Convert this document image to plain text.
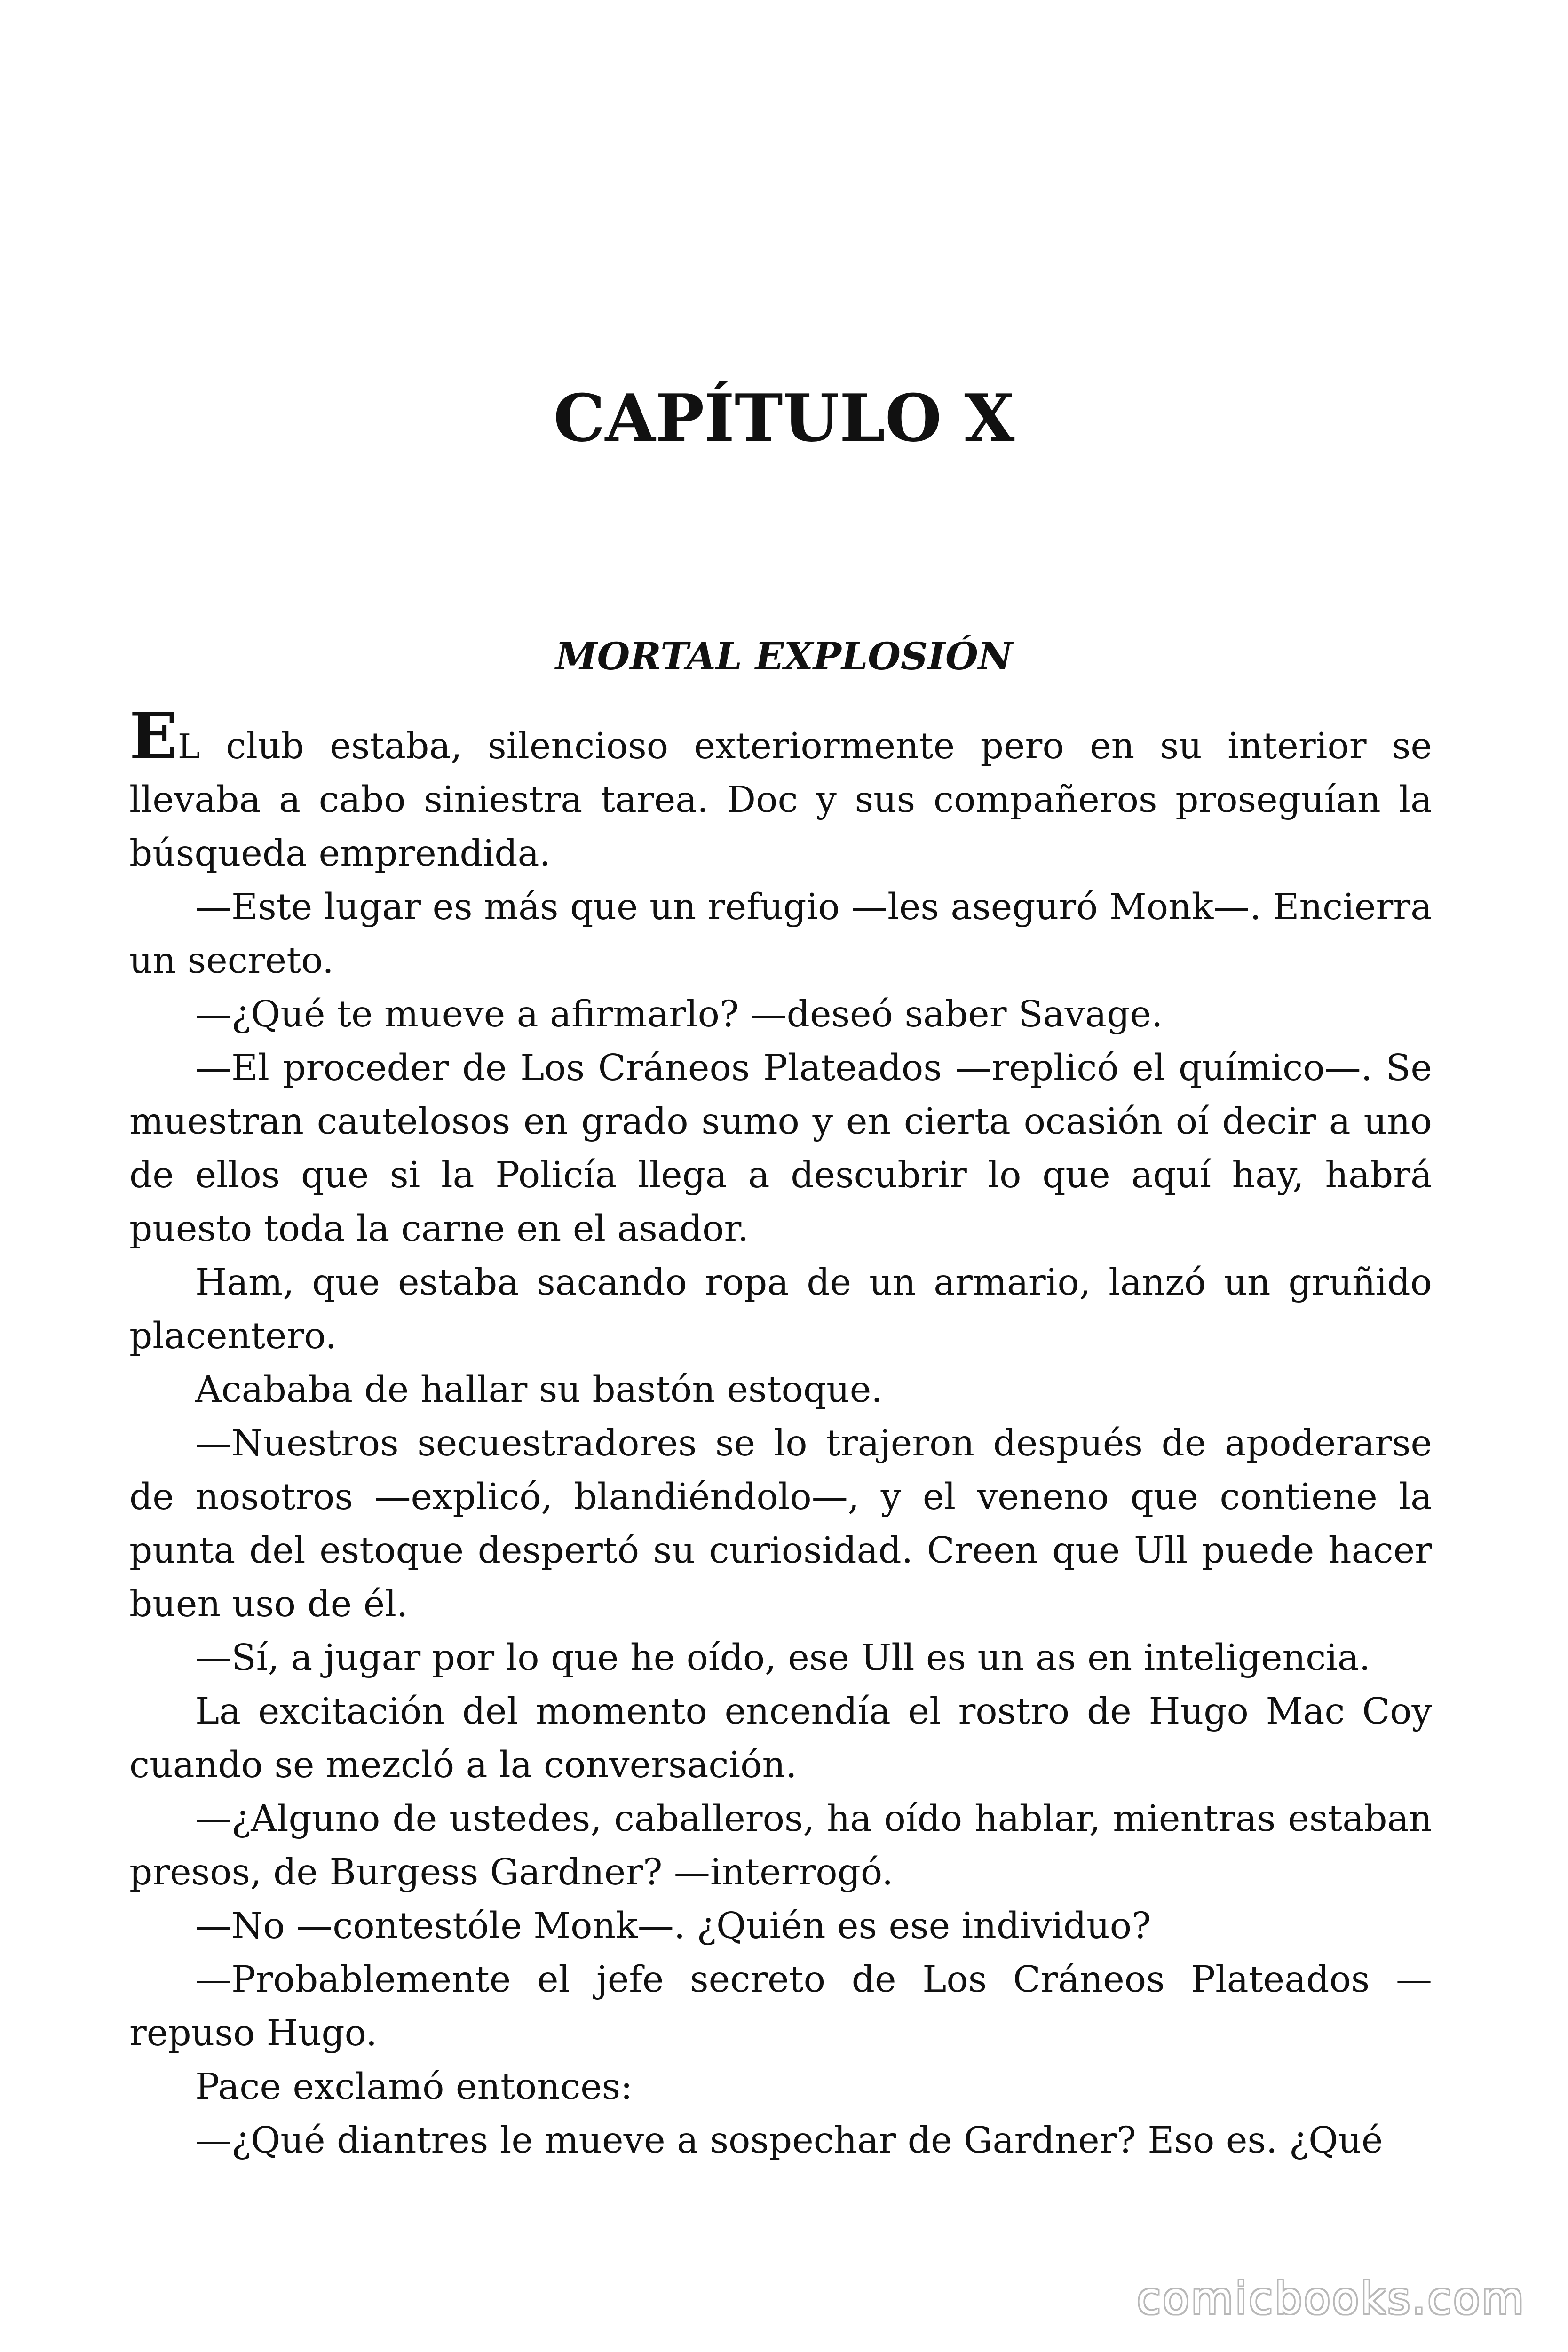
CAPÍTULO X
MORTAL EXPLOSIÓN

EL club estaba, silencioso exteriormente pero en su interior se llevaba a cabo siniestra tarea. Doc y sus compañeros proseguían la búsqueda emprendida.

—Este lugar es más que un refugio —les aseguró Monk—. Encierra un secreto.

—¿Qué te mueve a afirmarlo? —deseó saber Savage.

—El proceder de Los Cráneos Plateados —replicó el químico—. Se muestran cautelosos en grado sumo y en cierta ocasión oí decir a uno de ellos que si la Policía llega a descubrir lo que aquí hay, habrá puesto toda la carne en el asador.

Ham, que estaba sacando ropa de un armario, lanzó un gruñido placentero.

Acababa de hallar su bastón estoque.

—Nuestros secuestradores se lo trajeron después de apoderarse de nosotros —explicó, blandiéndolo—, y el veneno que contiene la punta del estoque despertó su curiosidad. Creen que Ull puede hacer buen uso de él.

—Sí, a jugar por lo que he oído, ese Ull es un as en inteligencia.

La excitación del momento encendía el rostro de Hugo Mac Coy cuando se mezcló a la conversación.

—¿Alguno de ustedes, caballeros, ha oído hablar, mientras estaban presos, de Burgess Gardner? —interrogó.

—No —contestóle Monk—. ¿Quién es ese individuo?

—Probablemente el jefe secreto de Los Cráneos Plateados —repuso Hugo.

Pace exclamó entonces:

—¿Qué diantres le mueve a sospechar de Gardner? Eso es. ¿Qué

comicbooks.com
